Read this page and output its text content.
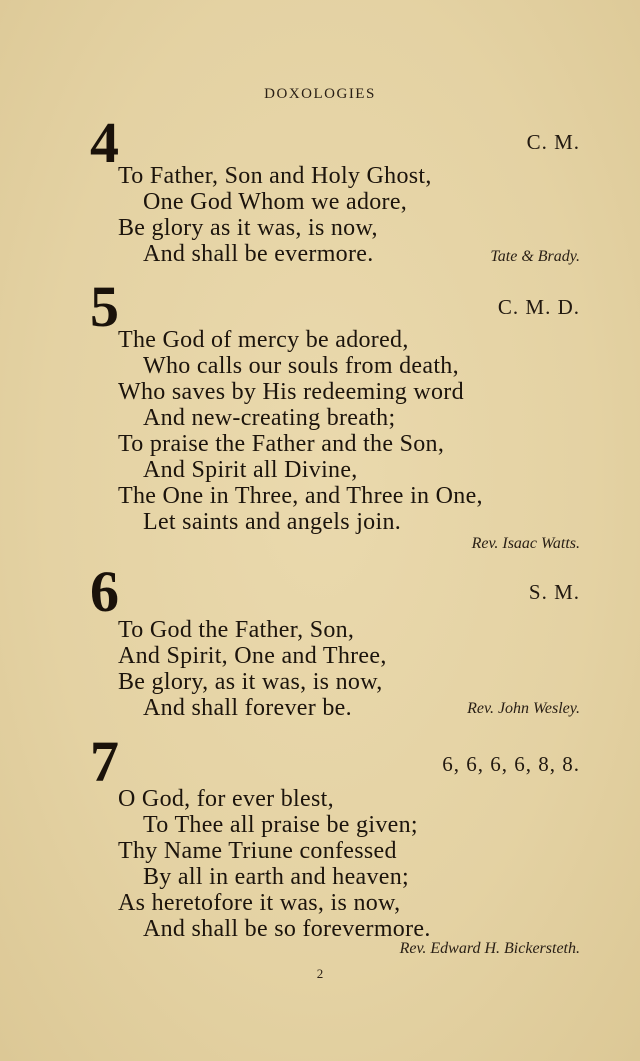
DOXOLOGIES
4	C. M.
To Father, Son and Holy Ghost,
One God Whom we adore,
Be glory as it was, is now,
And shall be evermore.	Tate & Brady.
5	C. M. D.
The God of mercy be adored,
Who calls our souls from death,
Who saves by His redeeming word
And new-creating breath;
To praise the Father and the Son,
And Spirit all Divine,
The One in Three, and Three in One,
Let saints and angels join.
Rev. Isaac Watts.
6	S. M.
To God the Father, Son,
And Spirit, One and Three,
Be glory, as it was, is now,
And shall forever be.	Rev. John Wesley.
7	6, 6, 6, 6, 8, 8.
O God, for ever blest,
To Thee all praise be given;
Thy Name Triune confessed
By all in earth and heaven;
As heretofore it was, is now,
And shall be so forevermore.
Rev. Edward H. Bickersteth.
2
